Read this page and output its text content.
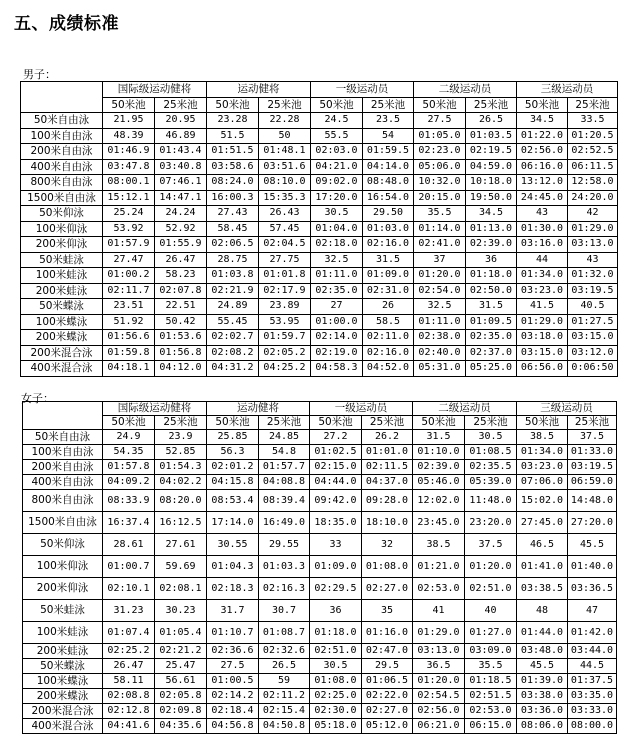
五、成绩标准
男子：
	国际级运动健将		运动健将		一级运动员		二级运动员		三级运动员	
	50米池	25米池	50米池	25米池	50米池	25米池	50米池	25米池	50米池	25米池
50米自由泳	21.95	20.95	23.28	22.28	24.5	23.5	27.5	26.5	34.5	33.5
100米自由泳	48.39	46.89	51.5	50	55.5	54	01:05.0	01:03.5	01:22.0	01:20.5
200米自由泳	01:46.9	01:43.4	01:51.5	01:48.1	02:03.0	01:59.5	02:23.0	02:19.5	02:56.0	02:52.5
400米自由泳	03:47.8	03:40.8	03:58.6	03:51.6	04:21.0	04:14.0	05:06.0	04:59.0	06:16.0	06:11.5
800米自由泳	08:00.1	07:46.1	08:24.0	08:10.0	09:02.0	08:48.0	10:32.0	10:18.0	13:12.0	12:58.0
1500米自由泳	15:12.1	14:47.1	16:00.3	15:35.3	17:20.0	16:54.0	20:15.0	19:50.0	24:45.0	24:20.0
50米仰泳	25.24	24.24	27.43	26.43	30.5	29.50	35.5	34.5	43	42
100米仰泳	53.92	52.92	58.45	57.45	01:04.0	01:03.0	01:14.0	01:13.0	01:30.0	01:29.0
200米仰泳	01:57.9	01:55.9	02:06.5	02:04.5	02:18.0	02:16.0	02:41.0	02:39.0	03:16.0	03:13.0
50米蛙泳	27.47	26.47	28.75	27.75	32.5	31.5	37	36	44	43
100米蛙泳	01:00.2	58.23	01:03.8	01:01.8	01:11.0	01:09.0	01:20.0	01:18.0	01:34.0	01:32.0
200米蛙泳	02:11.7	02:07.8	02:21.9	02:17.9	02:35.0	02:31.0	02:54.0	02:50.0	03:23.0	03:19.5
50米蝶泳	23.51	22.51	24.89	23.89	27	26	32.5	31.5	41.5	40.5
100米蝶泳	51.92	50.42	55.45	53.95	01:00.0	58.5	01:11.0	01:09.5	01:29.0	01:27.5
200米蝶泳	01:56.6	01:53.6	02:02.7	01:59.7	02:14.0	02:11.0	02:38.0	02:35.0	03:18.0	03:15.0
200米混合泳	01:59.8	01:56.8	02:08.2	02:05.2	02:19.0	02:16.0	02:40.0	02:37.0	03:15.0	03:12.0
400米混合泳	04:18.1	04:12.0	04:31.2	04:25.2	04:58.3	04:52.0	05:31.0	05:25.0	06:56.0	0:06:50
女子：
	国际级运动健将		运动健将		一级运动员		二级运动员		三级运动员	
	50米池	25米池	50米池	25米池	50米池	25米池	50米池	25米池	50米池	25米池
50米自由泳	24.9	23.9	25.85	24.85	27.2	26.2	31.5	30.5	38.5	37.5
100米自由泳	54.35	52.85	56.3	54.8	01:02.5	01:01.0	01:10.0	01:08.5	01:34.0	01:33.0
200米自由泳	01:57.8	01:54.3	02:01.2	01:57.7	02:15.0	02:11.5	02:39.0	02:35.5	03:23.0	03:19.5
400米自由泳	04:09.2	04:02.2	04:15.8	04:08.8	04:44.0	04:37.0	05:46.0	05:39.0	07:06.0	06:59.0
800米自由泳	08:33.9	08:20.0	08:53.4	08:39.4	09:42.0	09:28.0	12:02.0	11:48.0	15:02.0	14:48.0
1500米自由泳	16:37.4	16:12.5	17:14.0	16:49.0	18:35.0	18:10.0	23:45.0	23:20.0	27:45.0	27:20.0
50米仰泳	28.61	27.61	30.55	29.55	33	32	38.5	37.5	46.5	45.5
100米仰泳	01:00.7	59.69	01:04.3	01:03.3	01:09.0	01:08.0	01:21.0	01:20.0	01:41.0	01:40.0
200米仰泳	02:10.1	02:08.1	02:18.3	02:16.3	02:29.5	02:27.0	02:53.0	02:51.0	03:38.5	03:36.5
50米蛙泳	31.23	30.23	31.7	30.7	36	35	41	40	48	47
100米蛙泳	01:07.4	01:05.4	01:10.7	01:08.7	01:18.0	01:16.0	01:29.0	01:27.0	01:44.0	01:42.0
200米蛙泳	02:25.2	02:21.2	02:36.6	02:32.6	02:51.0	02:47.0	03:13.0	03:09.0	03:48.0	03:44.0
50米蝶泳	26.47	25.47	27.5	26.5	30.5	29.5	36.5	35.5	45.5	44.5
100米蝶泳	58.11	56.61	01:00.5	59	01:08.0	01:06.5	01:20.0	01:18.5	01:39.0	01:37.5
200米蝶泳	02:08.8	02:05.8	02:14.2	02:11.2	02:25.0	02:22.0	02:54.5	02:51.5	03:38.0	03:35.0
200米混合泳	02:12.8	02:09.8	02:18.4	02:15.4	02:30.0	02:27.0	02:56.0	02:53.0	03:36.0	03:33.0
400米混合泳	04:41.6	04:35.6	04:56.8	04:50.8	05:18.0	05:12.0	06:21.0	06:15.0	08:06.0	08:00.0
